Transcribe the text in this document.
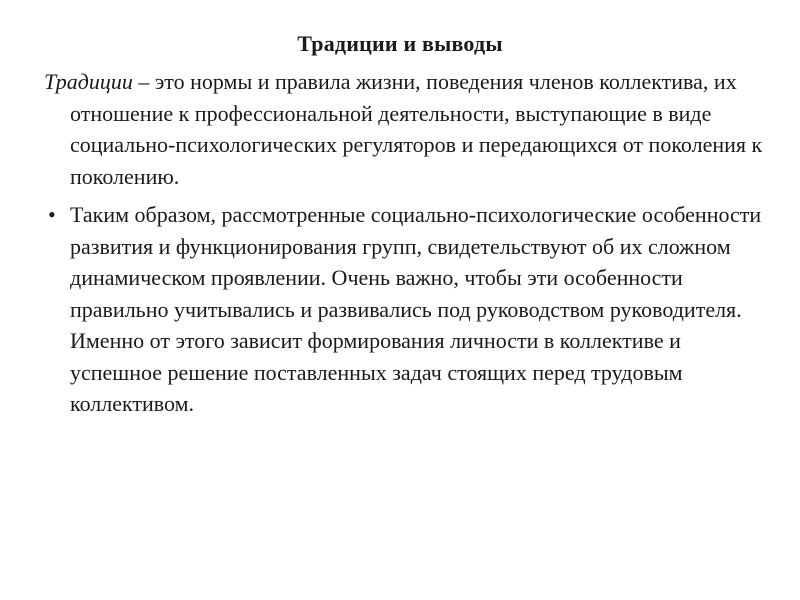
Традиции и выводы

Традиции – это нормы и правила жизни, поведения членов коллектива, их отношение к профессиональной деятельности, выступающие в виде социально-психологических регуляторов и передающихся от поколения к поколению.

• Таким образом, рассмотренные социально-психологические особенности развития и функционирования групп, свидетельствуют об их сложном динамическом проявлении. Очень важно, чтобы эти особенности правильно учитывались и развивались под руководством руководителя. Именно от этого зависит формирования личности в коллективе и успешное решение поставленных задач стоящих перед трудовым коллективом.
